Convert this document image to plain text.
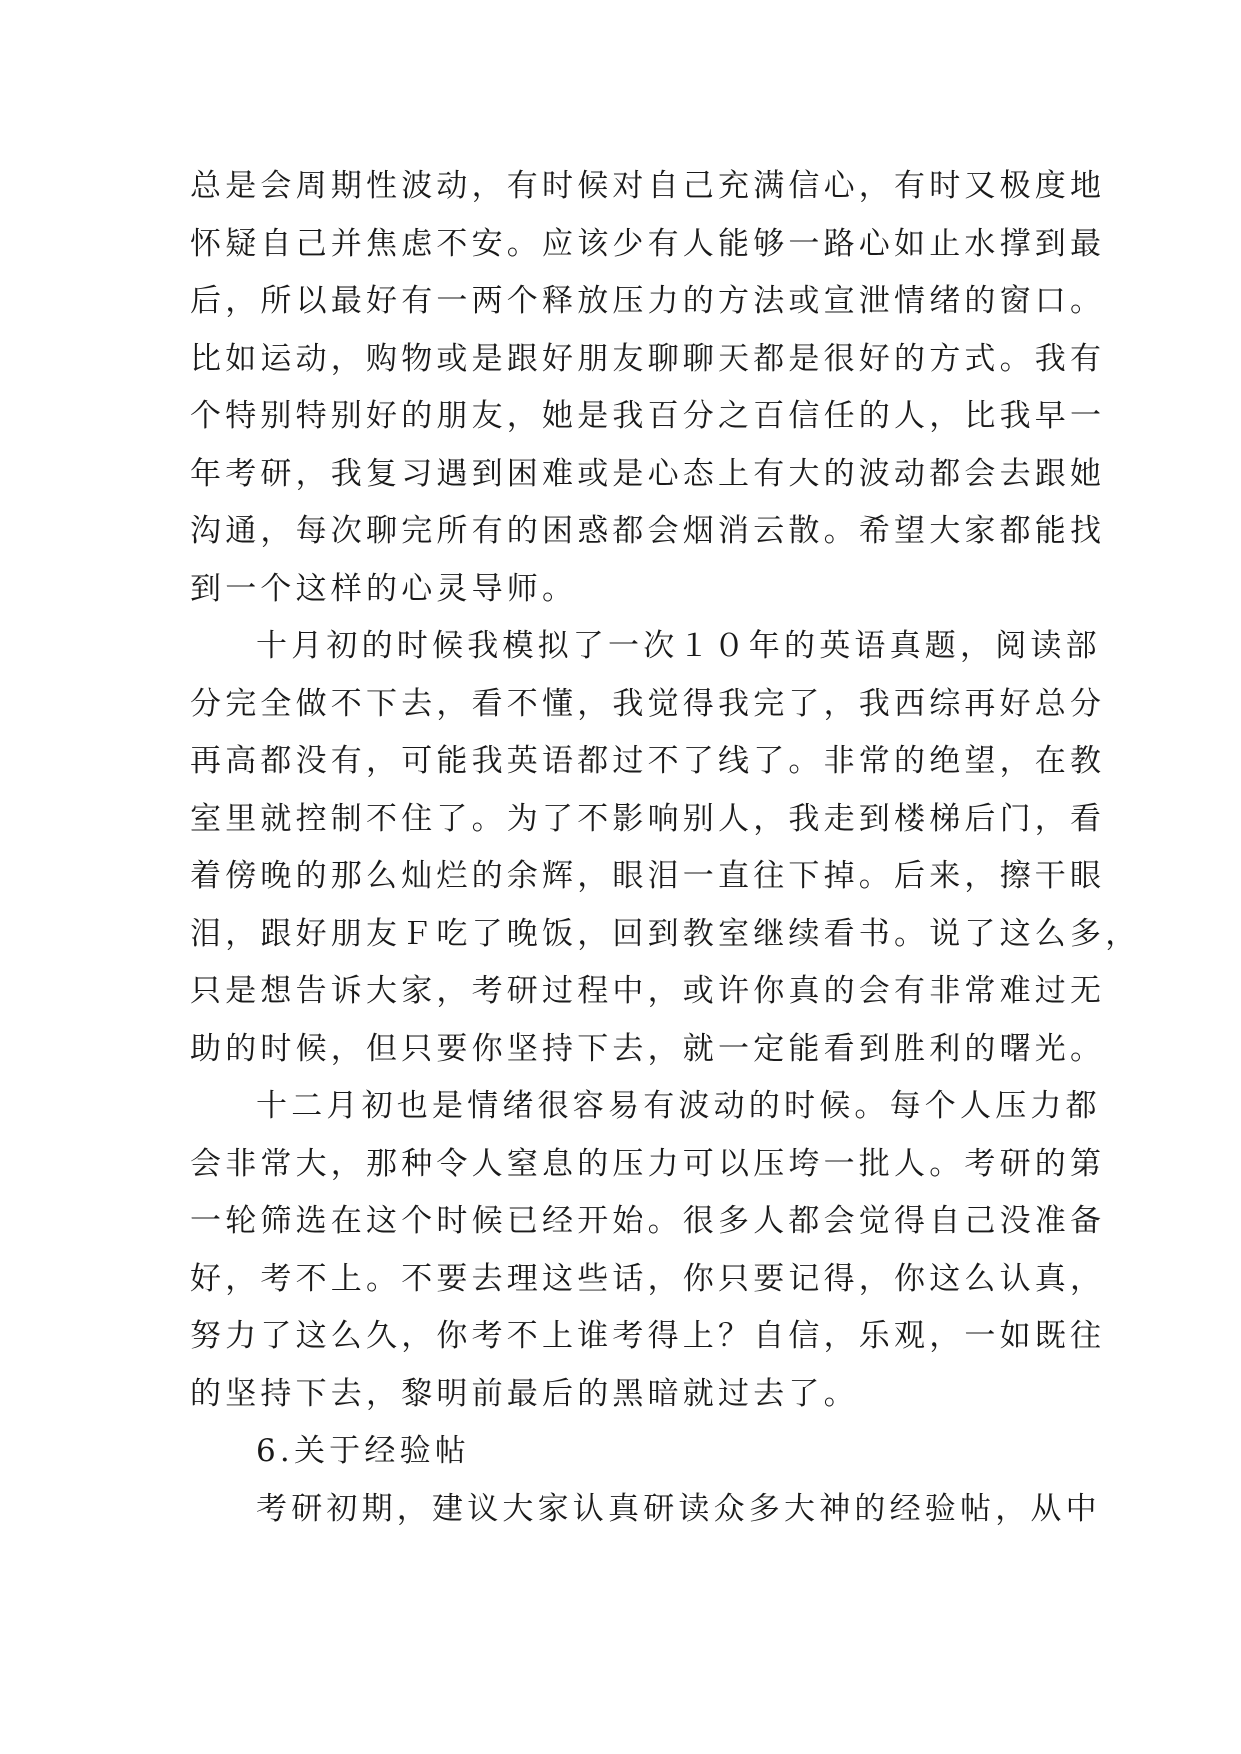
总是会周期性波动，有时候对自己充满信心，有时又极度地
怀疑自己并焦虑不安。应该少有人能够一路心如止水撑到最
后，所以最好有一两个释放压力的方法或宣泄情绪的窗口。
比如运动，购物或是跟好朋友聊聊天都是很好的方式。我有
个特别特别好的朋友，她是我百分之百信任的人，比我早一
年考研，我复习遇到困难或是心态上有大的波动都会去跟她
沟通，每次聊完所有的困惑都会烟消云散。希望大家都能找
到一个这样的心灵导师。
十月初的时候我模拟了一次１０年的英语真题，阅读部
分完全做不下去，看不懂，我觉得我完了，我西综再好总分
再高都没有，可能我英语都过不了线了。非常的绝望，在教
室里就控制不住了。为了不影响别人，我走到楼梯后门，看
着傍晚的那么灿烂的余辉，眼泪一直往下掉。后来，擦干眼
泪，跟好朋友Ｆ吃了晚饭，回到教室继续看书。说了这么多，
只是想告诉大家，考研过程中，或许你真的会有非常难过无
助的时候，但只要你坚持下去，就一定能看到胜利的曙光。
十二月初也是情绪很容易有波动的时候。每个人压力都
会非常大，那种令人窒息的压力可以压垮一批人。考研的第
一轮筛选在这个时候已经开始。很多人都会觉得自己没准备
好，考不上。不要去理这些话，你只要记得，你这么认真，
努力了这么久，你考不上谁考得上？自信，乐观，一如既往
的坚持下去，黎明前最后的黑暗就过去了。
6.关于经验帖
考研初期，建议大家认真研读众多大神的经验帖，从中
